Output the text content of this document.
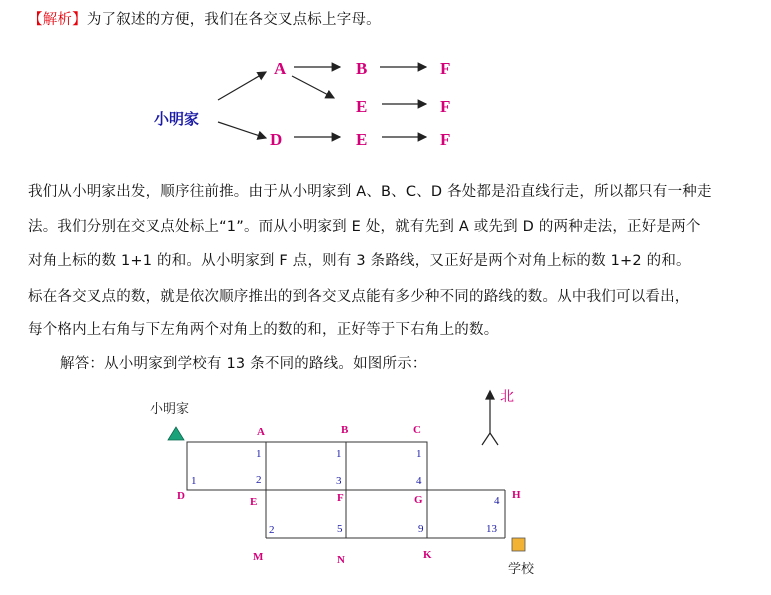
【解析】为了叙述的方便，我们在各交叉点标上字母。
小明家
A	B	F
E	F
D	E	F
我们从小明家出发，顺序往前推。由于从小明家到 A、B、C、D 各处都是沿直线行走，所以都只有一种走
法。我们分别在交叉点处标上“1”。而从小明家到 E 处，就有先到 A 或先到 D 的两种走法，正好是两个
对角上标的数 1+1 的和。从小明家到 F 点，则有 3 条路线，又正好是两个对角上标的数 1+2 的和。
标在各交叉点的数，就是依次顺序推出的到各交叉点能有多少种不同的路线的数。从中我们可以看出，
每个格内上右角与下左角两个对角上的数的和，正好等于下右角上的数。
解答：从小明家到学校有 13 条不同的路线。如图所示：
小明家
学校
北
A	B	C
D	E	F	G	H
M	N	K
1	1	1
1	2	3	4
4
2	5	9	13
